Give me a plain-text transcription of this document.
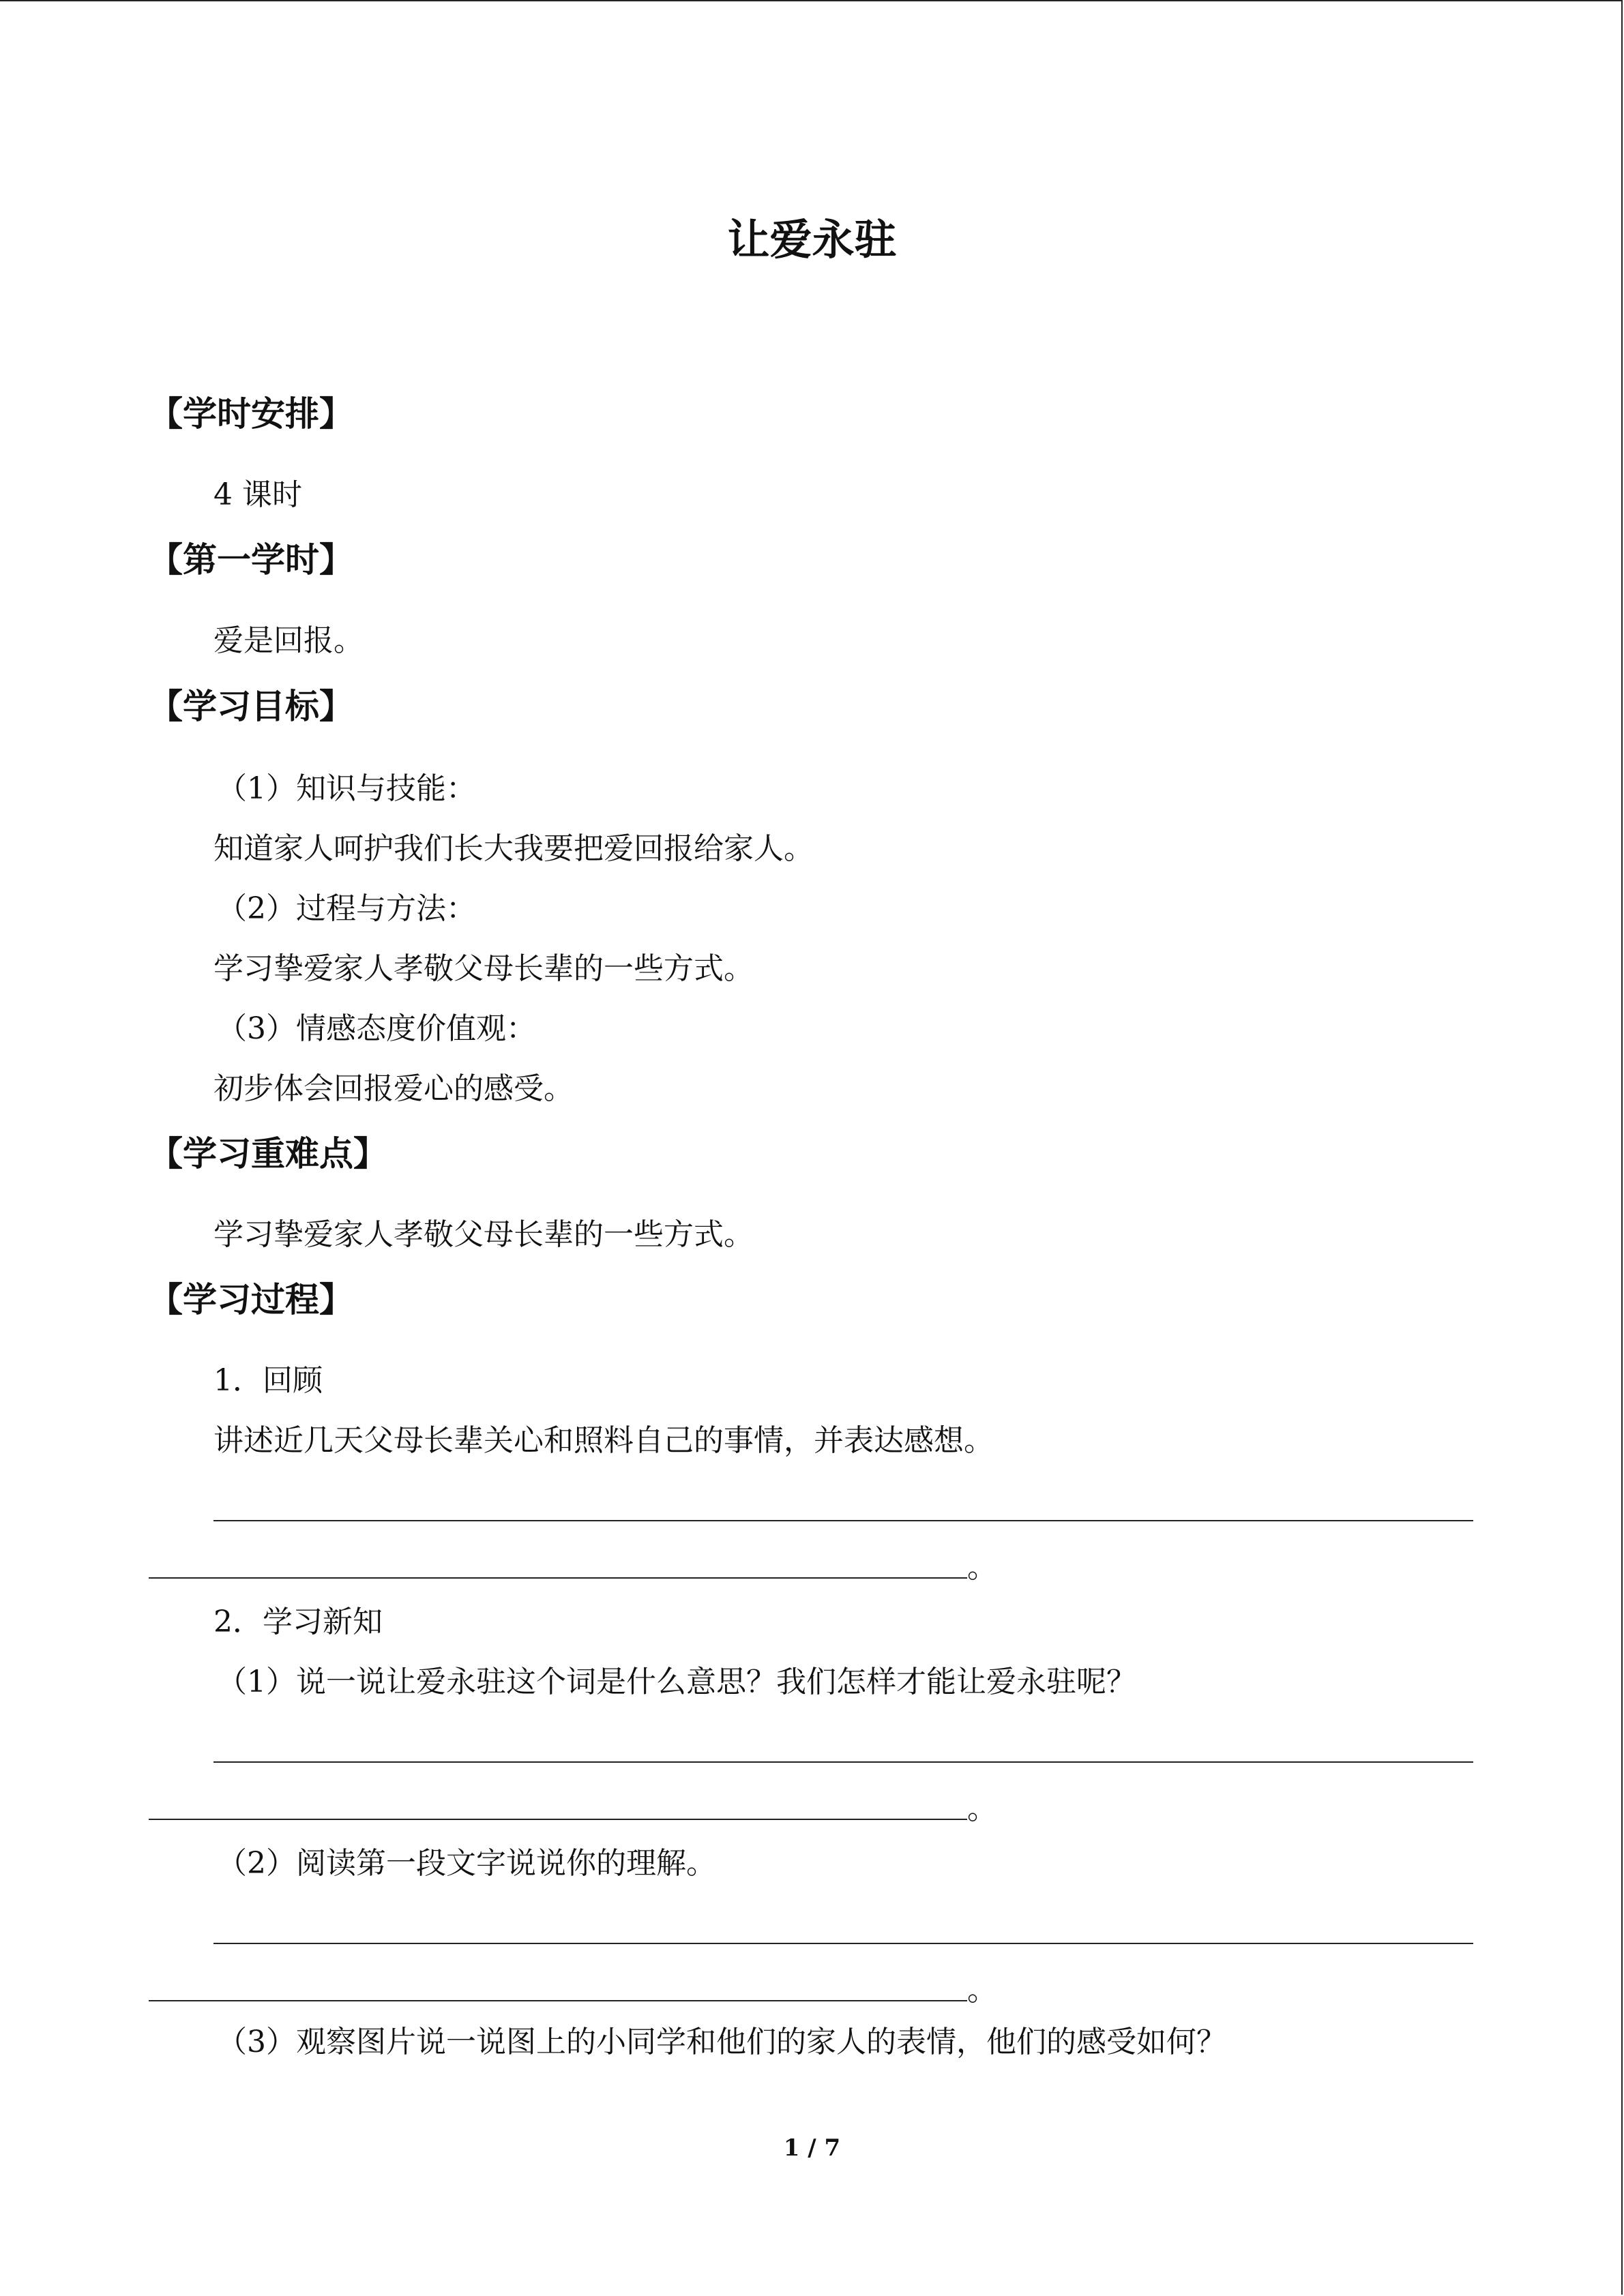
让爱永驻
【学时安排】
4 课时
【第一学时】
爱是回报。
【学习目标】
（1）知识与技能：
知道家人呵护我们长大我要把爱回报给家人。
（2）过程与方法：
学习挚爱家人孝敬父母长辈的一些方式。
（3）情感态度价值观：
初步体会回报爱心的感受。
【学习重难点】
学习挚爱家人孝敬父母长辈的一些方式。
【学习过程】
1．回顾
讲述近几天父母长辈关心和照料自己的事情，并表达感想。
。
2．学习新知
（1）说一说让爱永驻这个词是什么意思？我们怎样才能让爱永驻呢？
。
（2）阅读第一段文字说说你的理解。
。
（3）观察图片说一说图上的小同学和他们的家人的表情，他们的感受如何？
1 / 7
